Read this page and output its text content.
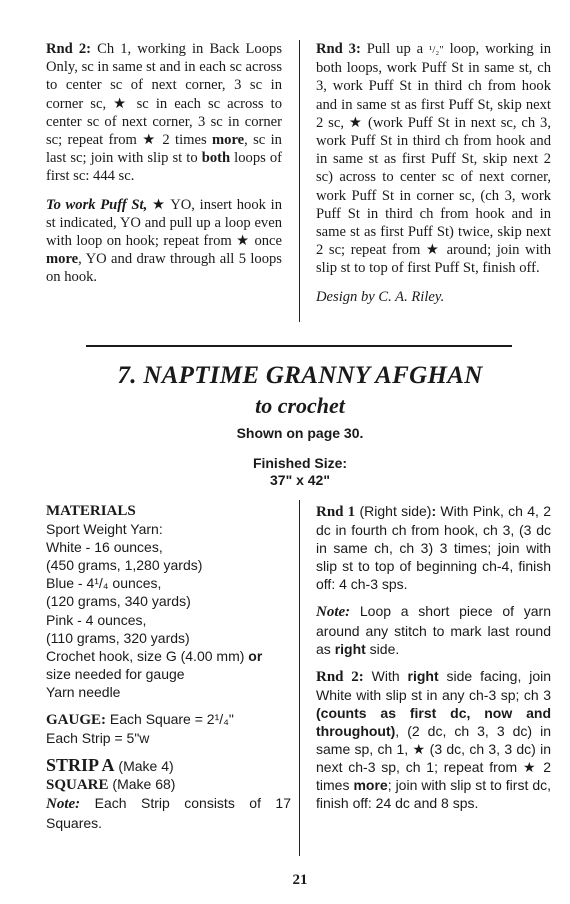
Rnd 2: Ch 1, working in Back Loops Only, sc in same st and in each sc across to center sc of next corner, 3 sc in corner sc, ★ sc in each sc across to center sc of next corner, 3 sc in corner sc; repeat from ★ 2 times more, sc in last sc; join with slip st to both loops of first sc: 444 sc.

To work Puff St, ★ YO, insert hook in st indicated, YO and pull up a loop even with loop on hook; repeat from ★ once more, YO and draw through all 5 loops on hook.

Rnd 3: Pull up a ¹/₂" loop, working in both loops, work Puff St in same st, ch 3, work Puff St in third ch from hook and in same st as first Puff St, skip next 2 sc, ★ (work Puff St in next sc, ch 3, work Puff St in third ch from hook and in same st as first Puff St, skip next 2 sc) across to center sc of next corner, work Puff St in corner sc, (ch 3, work Puff St in third ch from hook and in same st as first Puff St) twice, skip next 2 sc; repeat from ★ around; join with slip st to top of first Puff St, finish off.

Design by C. A. Riley.

7. NAPTIME GRANNY AFGHAN
to crochet
Shown on page 30.
Finished Size:
37" x 42"
MATERIALS
Sport Weight Yarn:
White - 16 ounces,
(450 grams, 1,280 yards)
Blue - 4¹/₄ ounces,
(120 grams, 340 yards)
Pink - 4 ounces,
(110 grams, 320 yards)
Crochet hook, size G (4.00 mm) or size needed for gauge
Yarn needle
GAUGE: Each Square = 2¹/₄"
Each Strip = 5"w
STRIP A (Make 4)
SQUARE (Make 68)
Note: Each Strip consists of 17 Squares.

Rnd 1 (Right side): With Pink, ch 4, 2 dc in fourth ch from hook, ch 3, (3 dc in same ch, ch 3) 3 times; join with slip st to top of beginning ch-4, finish off: 4 ch-3 sps.

Note: Loop a short piece of yarn around any stitch to mark last round as right side.

Rnd 2: With right side facing, join White with slip st in any ch-3 sp; ch 3 (counts as first dc, now and throughout), (2 dc, ch 3, 3 dc) in same sp, ch 1, ★ (3 dc, ch 3, 3 dc) in next ch-3 sp, ch 1; repeat from ★ 2 times more; join with slip st to first dc, finish off: 24 dc and 8 sps.

21
